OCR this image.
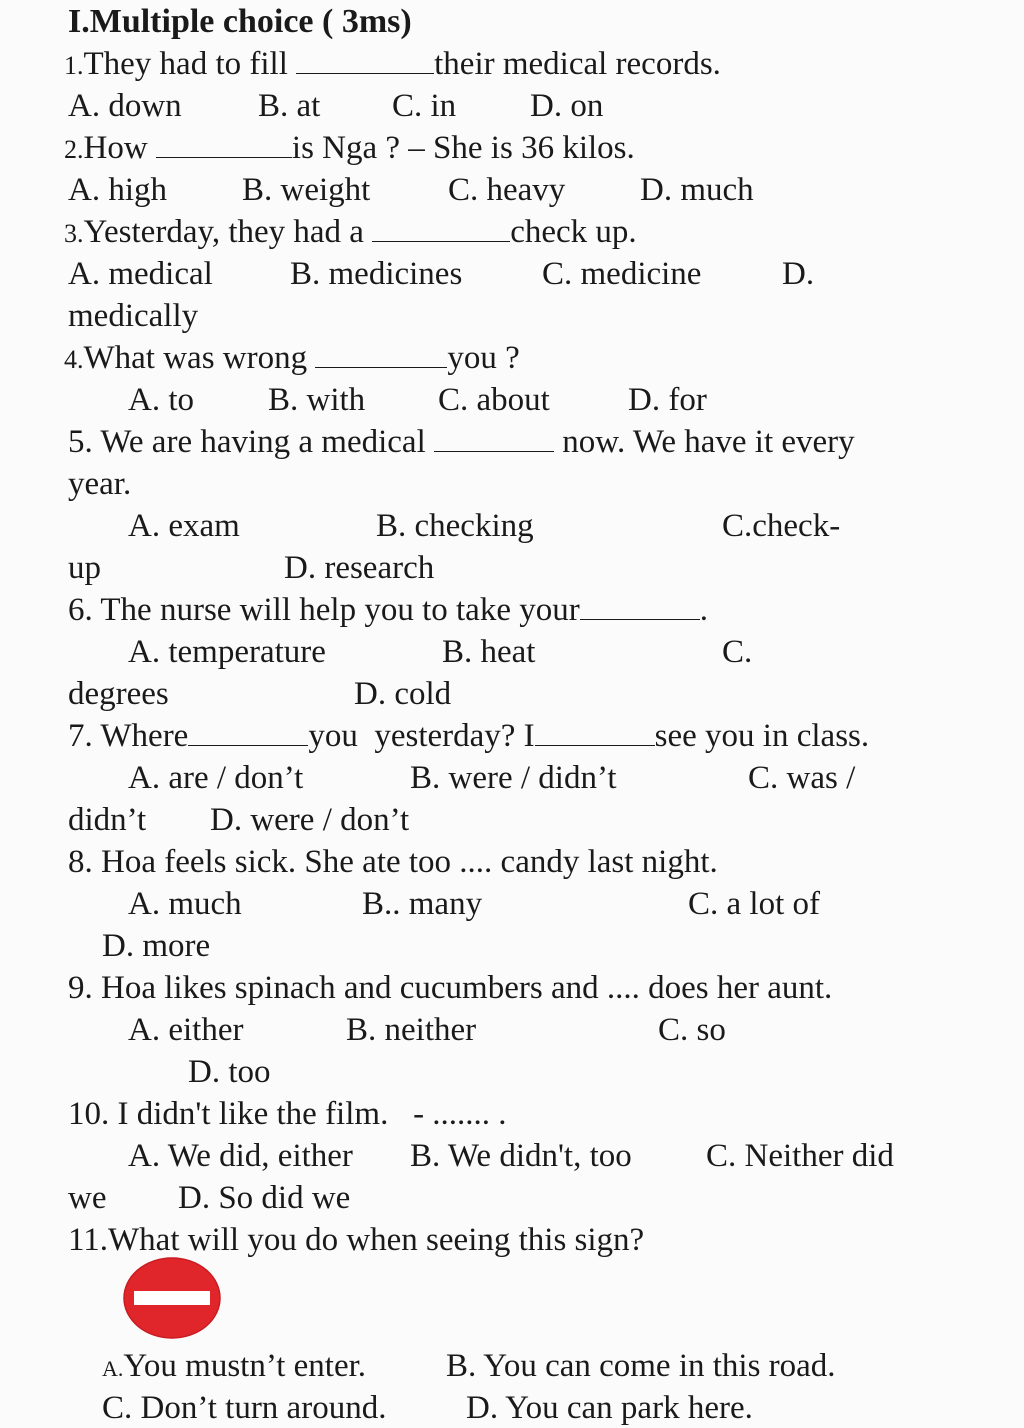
I.Multiple choice ( 3ms)
1.They had to fill	their medical records.
A. down B. at C. in D. on
2.How	is Nga ? – She is 36 kilos.
A. high B. weight C. heavy D. much
3.Yesterday, they had a	check up.
A. medical B. medicines C. medicine D.
medically
4.What was wrong	you ?
A. to B. with C. about D. for
5. We are having a medical	now. We have it every
year.
A. exam	B. checking	C.check-
up	D. research
6. The nurse will help you to take your	.
A. temperature	B. heat	C.
degrees	D. cold
7. Where	you  yesterday? I	see you in class.
A. are / don’t	B. were / didn’t	C. was /
didn’t D. were / don’t
8. Hoa feels sick. She ate too .... candy last night.
A. much	B.. many	C. a lot of
D. more
9. Hoa likes spinach and cucumbers and .... does her aunt.
A. either	B. neither	C. so
D. too
10. I didn't like the film.   - ....... .
A. We did, either B. We didn't, too C. Neither did
we D. So did we
11.What will you do when seeing this sign?
A.You mustn’t enter. B. You can come in this road.
C. Don’t turn around. D. You can park here.
